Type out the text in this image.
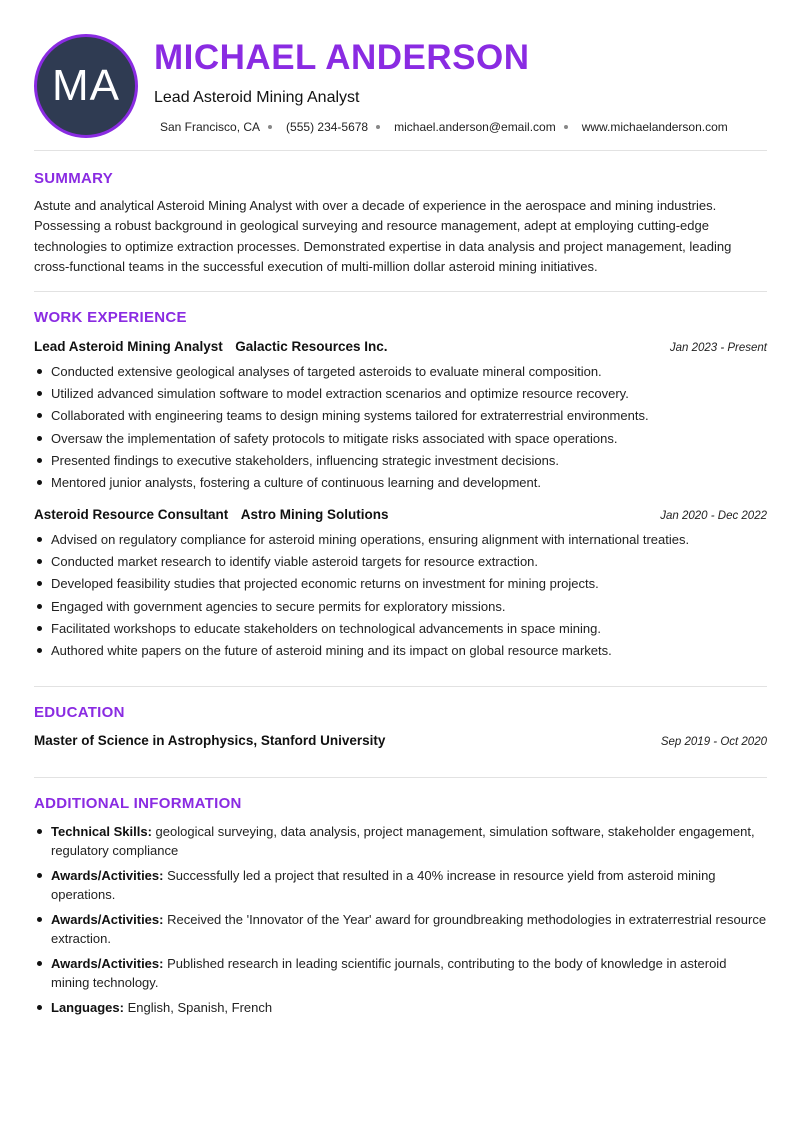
MA
MICHAEL ANDERSON
Lead Asteroid Mining Analyst
San Francisco, CA (555) 234-5678 michael.anderson@email.com www.michaelanderson.com
SUMMARY

Astute and analytical Asteroid Mining Analyst with over a decade of experience in the aerospace and mining industries. Possessing a robust background in geological surveying and resource management, adept at employing cutting-edge technologies to optimize extraction processes. Demonstrated expertise in data analysis and project management, leading cross-functional teams in the successful execution of multi-million dollar asteroid mining initiatives.

WORK EXPERIENCE
Lead Asteroid Mining Analyst Galactic Resources Inc.	Jan 2023 - Present
Conducted extensive geological analyses of targeted asteroids to evaluate mineral composition.
Utilized advanced simulation software to model extraction scenarios and optimize resource recovery.
Collaborated with engineering teams to design mining systems tailored for extraterrestrial environments.
Oversaw the implementation of safety protocols to mitigate risks associated with space operations.
Presented findings to executive stakeholders, influencing strategic investment decisions.
Mentored junior analysts, fostering a culture of continuous learning and development.
Asteroid Resource Consultant Astro Mining Solutions	Jan 2020 - Dec 2022
Advised on regulatory compliance for asteroid mining operations, ensuring alignment with international treaties.
Conducted market research to identify viable asteroid targets for resource extraction.
Developed feasibility studies that projected economic returns on investment for mining projects.
Engaged with government agencies to secure permits for exploratory missions.
Facilitated workshops to educate stakeholders on technological advancements in space mining.
Authored white papers on the future of asteroid mining and its impact on global resource markets.
EDUCATION
Master of Science in Astrophysics, Stanford University	Sep 2019 - Oct 2020
ADDITIONAL INFORMATION
Technical Skills: geological surveying, data analysis, project management, simulation software, stakeholder engagement, regulatory compliance
Awards/Activities: Successfully led a project that resulted in a 40% increase in resource yield from asteroid mining operations.
Awards/Activities: Received the 'Innovator of the Year' award for groundbreaking methodologies in extraterrestrial resource extraction.
Awards/Activities: Published research in leading scientific journals, contributing to the body of knowledge in asteroid mining technology.
Languages: English, Spanish, French
